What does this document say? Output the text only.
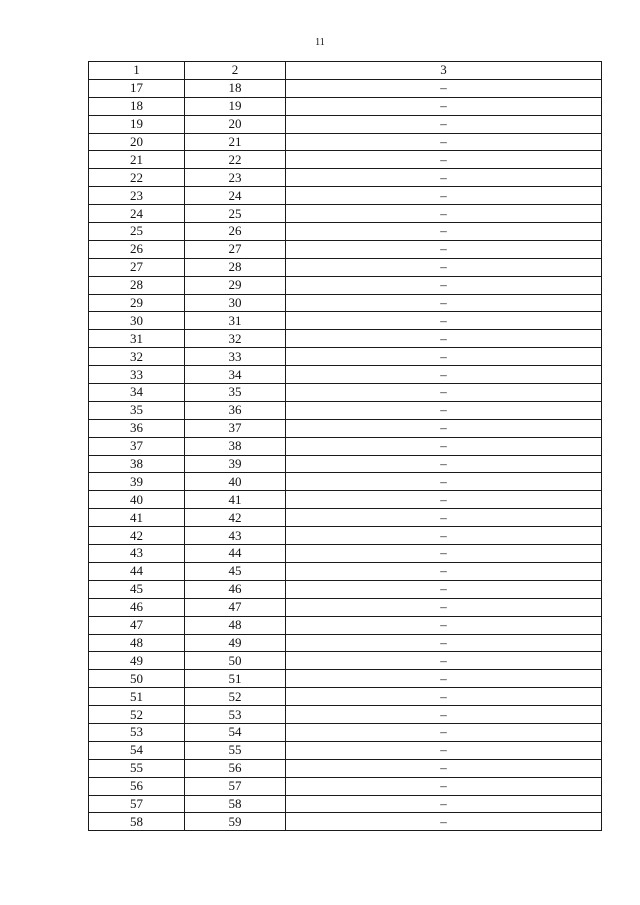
11
1	2	3
17	18	–
18	19	–
19	20	–
20	21	–
21	22	–
22	23	–
23	24	–
24	25	–
25	26	–
26	27	–
27	28	–
28	29	–
29	30	–
30	31	–
31	32	–
32	33	–
33	34	–
34	35	–
35	36	–
36	37	–
37	38	–
38	39	–
39	40	–
40	41	–
41	42	–
42	43	–
43	44	–
44	45	–
45	46	–
46	47	–
47	48	–
48	49	–
49	50	–
50	51	–
51	52	–
52	53	–
53	54	–
54	55	–
55	56	–
56	57	–
57	58	–
58	59	–
